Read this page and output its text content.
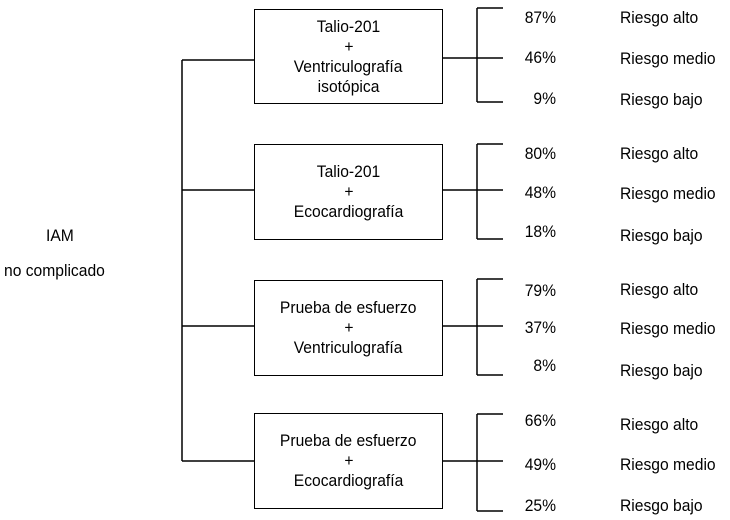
IAM
no complicado
Talio-201
+
Ventriculografía
isotópica
Talio-201
+
Ecocardiografía
Prueba de esfuerzo
+
Ventriculografía
Prueba de esfuerzo
+
Ecocardiografía
87%
46%
9%
Riesgo alto
Riesgo medio
Riesgo bajo
80%
48%
18%
Riesgo alto
Riesgo medio
Riesgo bajo
79%
37%
8%
Riesgo alto
Riesgo medio
Riesgo bajo
66%
49%
25%
Riesgo alto
Riesgo medio
Riesgo bajo
